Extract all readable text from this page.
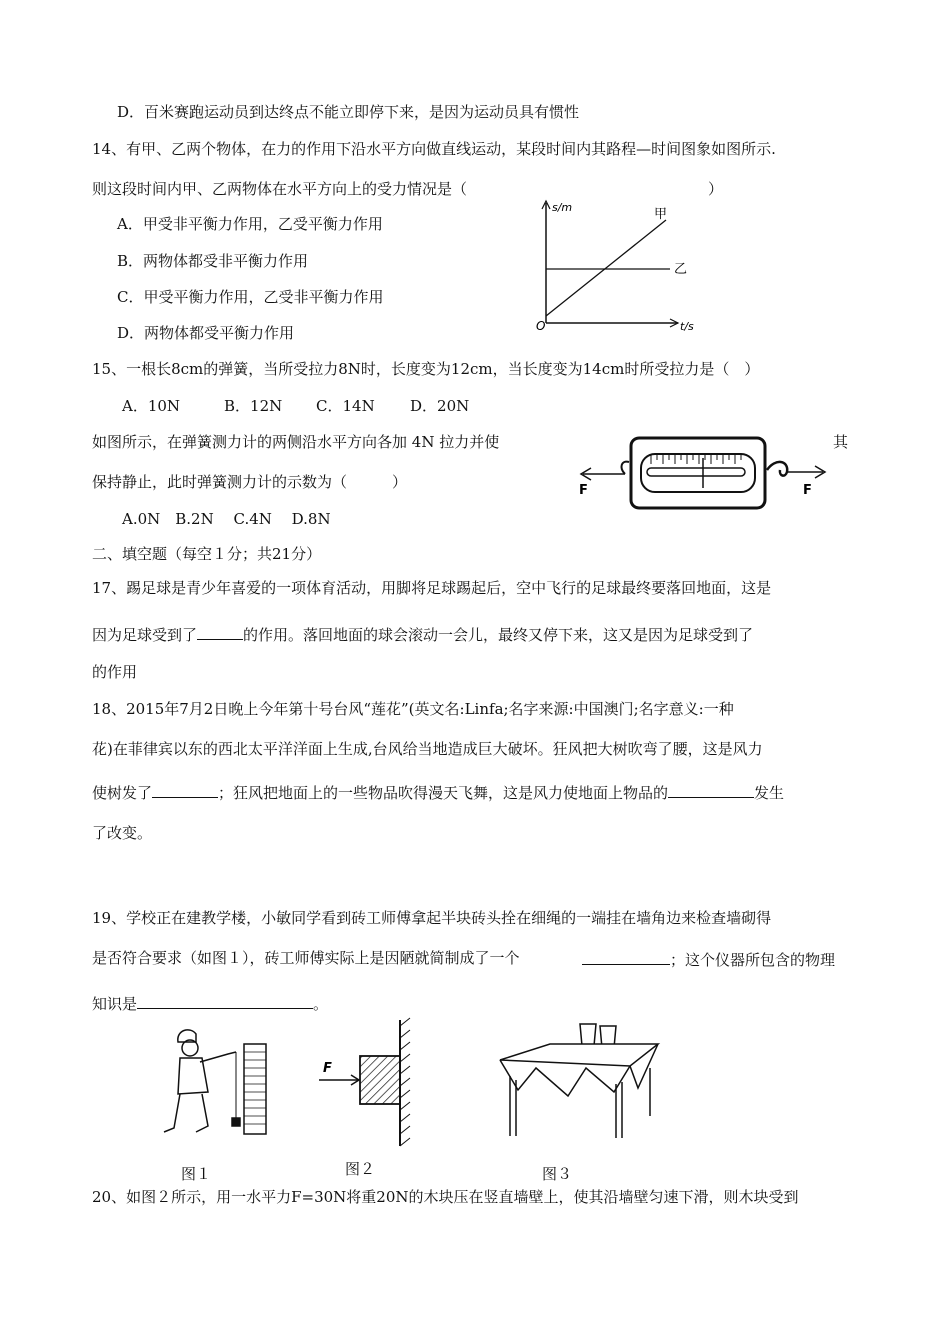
D．百米赛跑运动员到达终点不能立即停下来，是因为运动员具有惯性
14、有甲、乙两个物体，在力的作用下沿水平方向做直线运动，某段时间内其路程—时间图象如图所示.
则这段时间内甲、乙两物体在水平方向上的受力情况是（	）
A．甲受非平衡力作用，乙受平衡力作用
B．两物体都受非平衡力作用
C．甲受平衡力作用，乙受非平衡力作用
D．两物体都受平衡力作用
s/m
t/s
O
甲
乙
15、一根长8cm的弹簧，当所受拉力8N时，长度变为12cm，当长度变为14cm时所受拉力是（　）
A．10N	B．12N C．14N D．20N
如图所示，在弹簧测力计的两侧沿水平方向各加 4N 拉力并使	其
保持静止，此时弹簧测力计的示数为（　　　）
A.0N　B.2N　 C.4N　 D.8N
F	F
二、填空题（每空１分；共21分）
17、踢足球是青少年喜爱的一项体育活动，用脚将足球踢起后，空中飞行的足球最终要落回地面，这是
因为足球受到了	的作用。落回地面的球会滚动一会儿，最终又停下来，这又是因为足球受到了
的作用
18、2015年7月2日晚上今年第十号台风“莲花”(英文名:Linfa;名字来源:中国澳门;名字意义:一种
花)在菲律宾以东的西北太平洋洋面上生成,台风给当地造成巨大破坏。狂风把大树吹弯了腰，这是风力
使树发了	；狂风把地面上的一些物品吹得漫天飞舞，这是风力使地面上物品的	发生
了改变。
19、学校正在建教学楼，小敏同学看到砖工师傅拿起半块砖头拴在细绳的一端挂在墙角边来检查墙砌得
是否符合要求（如图１），砖工师傅实际上是因陋就简制成了一个	；这个仪器所包含的物理
知识是	。
F
图１	图２	图３
20、如图２所示，用一水平力F=30N将重20N的木块压在竖直墙壁上，使其沿墙壁匀速下滑，则木块受到
